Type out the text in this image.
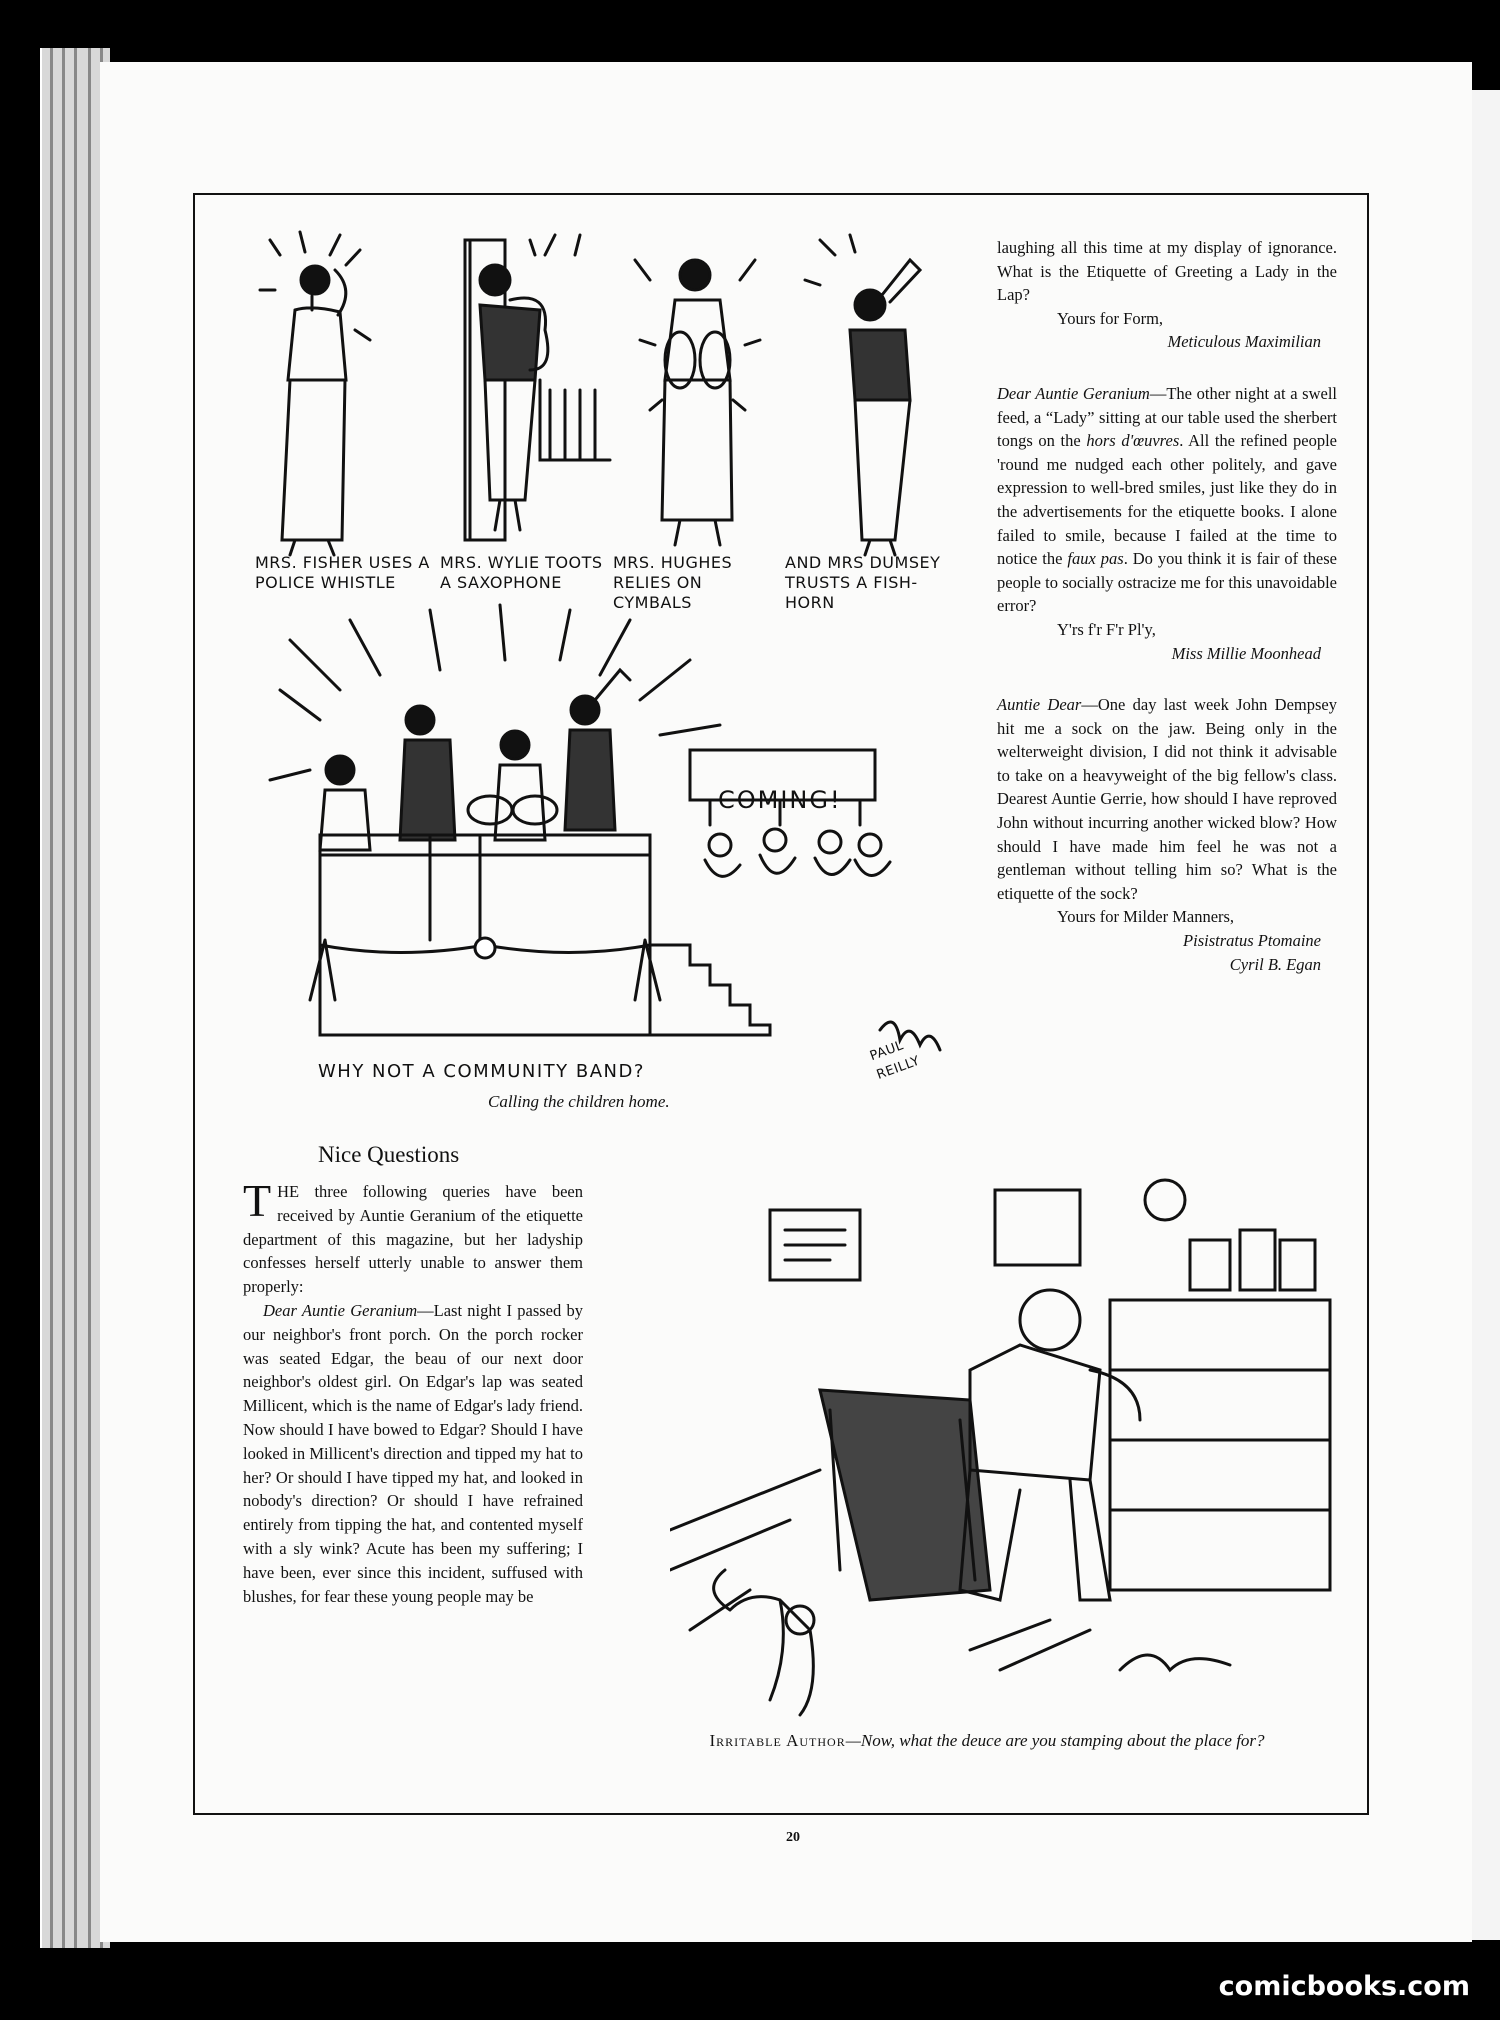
MRS. FISHER USES A POLICE WHISTLE
MRS. WYLIE TOOTS A SAXOPHONE
MRS. HUGHES RELIES ON CYMBALS
AND MRS DUMSEY TRUSTS A FISH-HORN
COMING!
WHY NOT A COMMUNITY BAND?
Calling the children home.
PAUL REILLY

laughing all this time at my display of ignorance. What is the Etiquette of Greeting a Lady in the Lap?

Yours for Form,
Meticulous Maximilian

Dear Auntie Geranium—The other night at a swell feed, a “Lady” sitting at our table used the sherbert tongs on the hors d'œuvres. All the refined people 'round me nudged each other politely, and gave expression to well-bred smiles, just like they do in the advertisements for the etiquette books. I alone failed to smile, because I failed at the time to notice the faux pas. Do you think it is fair of these people to socially ostracize me for this unavoidable error?

Y'rs f'r F'r Pl'y,
Miss Millie Moonhead

Auntie Dear—One day last week John Dempsey hit me a sock on the jaw. Being only in the welterweight division, I did not think it advisable to take on a heavyweight of the big fellow's class. Dearest Auntie Gerrie, how should I have reproved John without incurring another wicked blow? How should I have made him feel he was not a gentleman without telling him so? What is the etiquette of the sock?

Yours for Milder Manners,
Pisistratus Ptomaine
Cyril B. Egan
Nice Questions

THE three following queries have been received by Auntie Geranium of the etiquette department of this magazine, but her ladyship confesses herself utterly unable to answer them properly:

Dear Auntie Geranium—Last night I passed by our neighbor's front porch. On the porch rocker was seated Edgar, the beau of our next door neighbor's oldest girl. On Edgar's lap was seated Millicent, which is the name of Edgar's lady friend. Now should I have bowed to Edgar? Should I have looked in Millicent's direction and tipped my hat to her? Or should I have tipped my hat, and looked in nobody's direction? Or should I have refrained entirely from tipping the hat, and contented myself with a sly wink? Acute has been my suffering; I have been, ever since this incident, suffused with blushes, for fear these young people may be

Irritable Author—Now, what the deuce are you stamping about the place for?
20
comicbooks.com
